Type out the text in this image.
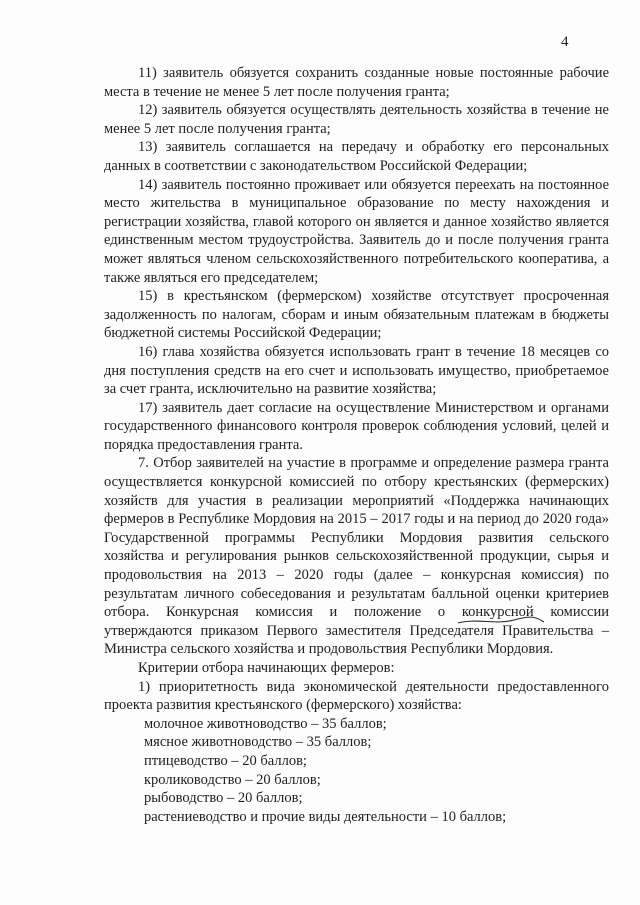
4

11) заявитель обязуется сохранить созданные новые постоянные рабочие места в течение не менее 5 лет после получения гранта;

12) заявитель обязуется осуществлять деятельность хозяйства в течение не менее 5 лет после получения гранта;

13) заявитель соглашается на передачу и обработку его персональных данных в соответствии с законодательством Российской Федерации;

14) заявитель постоянно проживает или обязуется переехать на постоянное место жительства в муниципальное образование по месту нахождения и регистрации хозяйства, главой которого он является и данное хозяйство является единственным местом трудоустройства. Заявитель до и после получения гранта может являться членом сельскохозяйственного потребительского кооператива, а также являться его председателем;

15) в крестьянском (фермерском) хозяйстве отсутствует просроченная задолженность по налогам, сборам и иным обязательным платежам в бюджеты бюджетной системы Российской Федерации;

16) глава хозяйства обязуется использовать грант в течение 18 месяцев со дня поступления средств на его счет и использовать имущество, приобретаемое за счет гранта, исключительно на развитие хозяйства;

17) заявитель дает согласие на осуществление Министерством и органами государственного финансового контроля проверок соблюдения условий, целей и порядка предоставления гранта.

7. Отбор заявителей на участие в программе и определение размера гранта осуществляется конкурсной комиссией по отбору крестьянских (фермерских) хозяйств для участия в реализации мероприятий «Поддержка начинающих фермеров в Республике Мордовия на 2015 – 2017 годы и на период до 2020 года» Государственной программы Республики Мордовия развития сельского хозяйства и регулирования рынков сельскохозяйственной продукции, сырья и продовольствия на 2013 – 2020 годы (далее – конкурсная комиссия) по результатам личного собеседования и результатам балльной оценки критериев отбора. Конкурсная комиссия и положение о конкурсной комиссии утверждаются приказом Первого заместителя Председателя Правительства – Министра сельского хозяйства и продовольствия Республики Мордовия.

Критерии отбора начинающих фермеров:

1) приоритетность вида экономической деятельности предоставленного проекта развития крестьянского (фермерского) хозяйства:

молочное животноводство – 35 баллов;

мясное животноводство – 35 баллов;

птицеводство – 20 баллов;

кролиководство – 20 баллов;

рыбоводство – 20 баллов;

растениеводство и прочие виды деятельности – 10 баллов;
